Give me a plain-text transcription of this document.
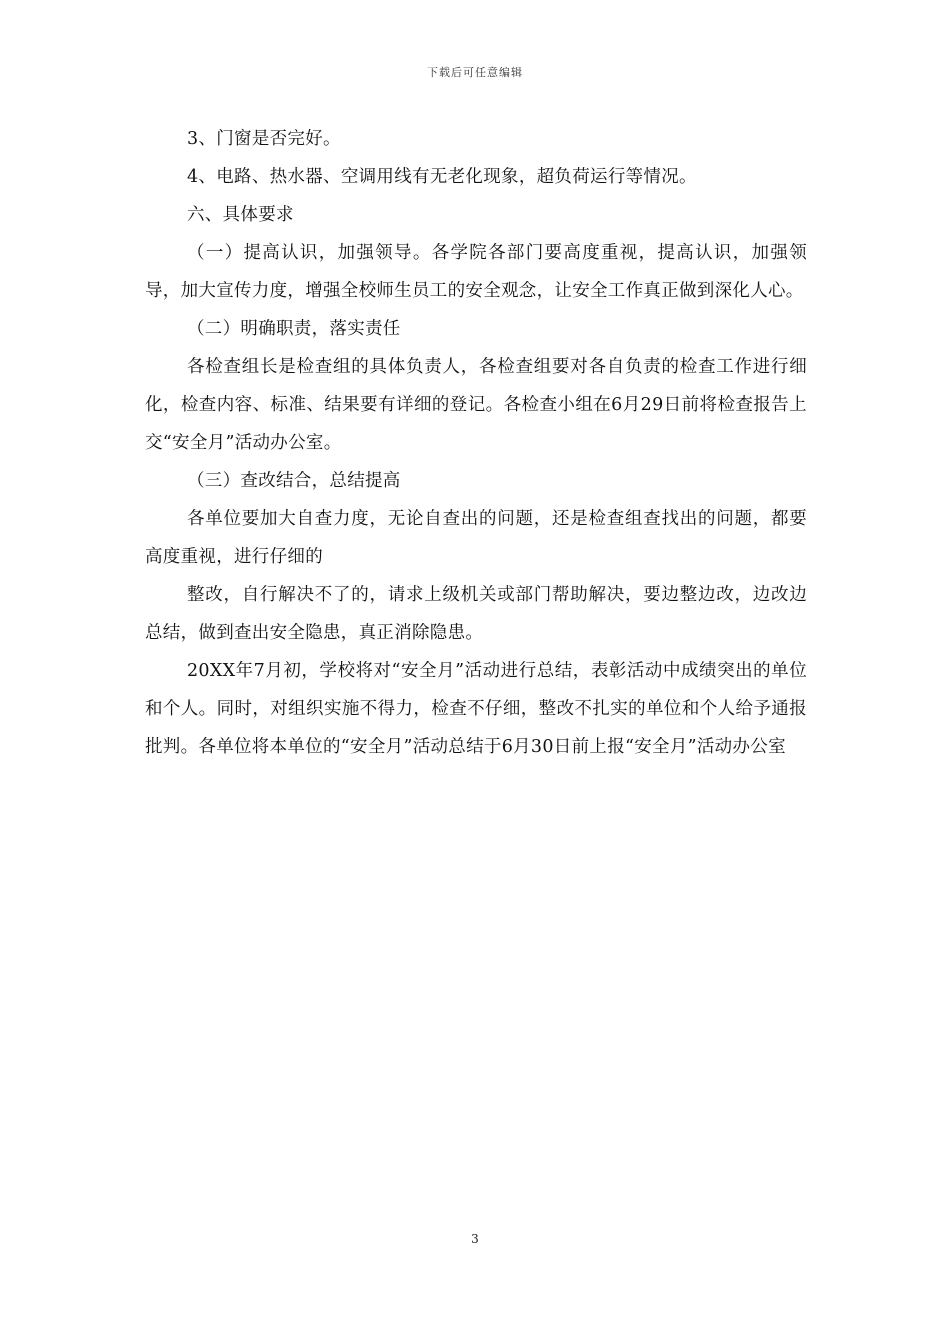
下载后可任意编辑

3、门窗是否完好。

4、电路、热水器、空调用线有无老化现象，超负荷运行等情况。

六、具体要求

（一）提高认识，加强领导。各学院各部门要高度重视，提高认识，加强领导，加大宣传力度，增强全校师生员工的安全观念，让安全工作真正做到深化人心。

（二）明确职责，落实责任

各检查组长是检查组的具体负责人，各检查组要对各自负责的检查工作进行细化，检查内容、标准、结果要有详细的登记。各检查小组在6月29日前将检查报告上交“安全月”活动办公室。

（三）查改结合，总结提高

各单位要加大自查力度，无论自查出的问题，还是检查组查找出的问题，都要高度重视，进行仔细的

整改，自行解决不了的，请求上级机关或部门帮助解决，要边整边改，边改边总结，做到查出安全隐患，真正消除隐患。

20XX年7月初，学校将对“安全月”活动进行总结，表彰活动中成绩突出的单位和个人。同时，对组织实施不得力，检查不仔细，整改不扎实的单位和个人给予通报批判。各单位将本单位的“安全月”活动总结于6月30日前上报“安全月”活动办公室

3
